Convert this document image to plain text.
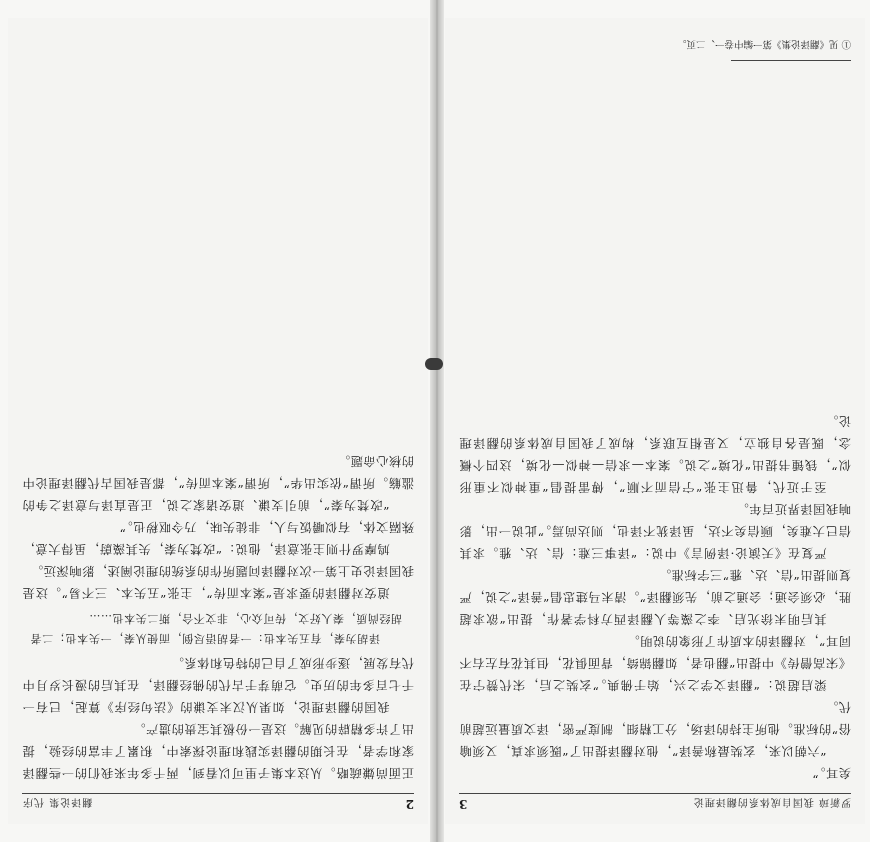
2
翻译论集 代序

正面尚嫌疏略。从这本集子里可以看到，两千多年来我们的一些翻译家和学者，在长期的翻译实践和理论探索中，积累了丰富的经验，提出了许多精辟的见解。这是一份极其宝贵的遗产。

我国的翻译理论，如果从汉末支谦的《法句经序》算起，已有一千七百多年的历史。它萌芽于古代的佛经翻译，在其后的漫长岁月中代有发展，逐步形成了自己的特色和体系。

译胡为秦，有五失本也：一者胡语尽倒，而使从秦，一失本也；二者胡经尚质，秦人好文，传可众心，非文不合，斯二失本也……

道安对翻译的要求是“案本而传”，主张“五失本、三不易”。这是我国译论史上第一次对翻译问题所作的系统的理论阐述，影响深远。

鸠摩罗什则主张意译，他说：“改梵为秦，失其藻蔚，虽得大意，殊隔文体，有似嚼饭与人，非徒失味，乃令呕秽也。”

“改梵为秦”，前引支谦、道安诸家之说，正是直译与意译之争的滥觞。所谓“依实出华”，所谓“案本而传”，都是我国古代翻译理论中的核心命题。

罗新璋 我国自成体系的翻译理论
3

矣耳。”

“六朝以来，玄奘最称善译”，他对翻译提出了“既须求真，又须喻俗”的标准。他所主持的译场，分工精细，制度严密，译文质量远超前代。

梁启超说：“翻译文学之兴，始于佛典。”玄奘之后，宋代赞宁在《宋高僧传》中提出“翻也者，如翻锦绮，背面俱花，但其花有左右不同耳”，对翻译的本质作了形象的说明。

其后明末徐光启、李之藻等人翻译西方科学著作，提出“欲求超胜，必须会通；会通之前，先须翻译”。清末马建忠倡“善译”之说，严复则提出“信、达、雅”三字标准。

严复在《天演论·译例言》中说：“译事三难：信、达、雅。求其信已大难矣，顾信矣不达，虽译犹不译也，则达尚焉。”此说一出，影响我国译界近百年。

至于近代，鲁迅主张“宁信而不顺”，傅雷提倡“重神似不重形似”，钱锺书提出“化境”之说。案本—求信—神似—化境，这四个概念，既是各自独立，又是相互联系，构成了我国自成体系的翻译理论。

① 见《翻译论集》第一编中卷一、二页。
